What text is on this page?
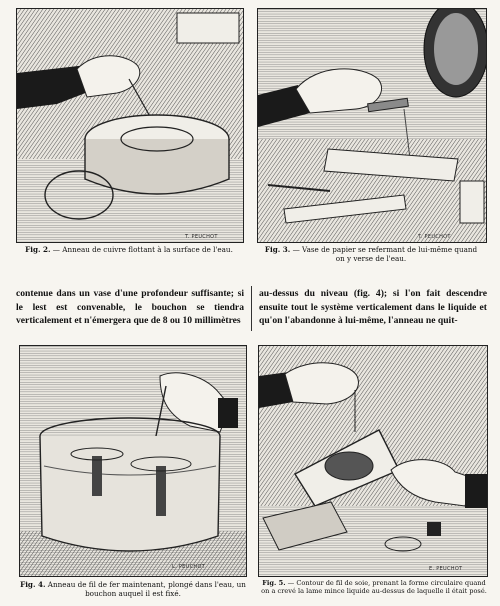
T. PEUCHOT
Fig. 2. — Anneau de cuivre flottant à la surface de l'eau.
T. PEUCHOT
Fig. 3. — Vase de papier se refermant de lui-même quand on y verse de l'eau.
contenue dans un vase d'une profondeur suffisante; si le lest est convenable, le bouchon se tiendra verticalement et n'émergera que de 8 ou 10 millimètres
au-dessus du niveau (fig. 4); si l'on fait descendre ensuite tout le système verticalement dans le liquide et qu'on l'abandonne à lui-même, l'anneau ne quit-
L. PEUCHOT
Fig. 4. Anneau de fil de fer maintenant, plongé dans l'eau, un bouchon auquel il est fixé.
E. PEUCHOT
Fig. 5. — Contour de fil de soie, prenant la forme circulaire quand on a crevé la lame mince liquide au-dessus de laquelle il était posé.
